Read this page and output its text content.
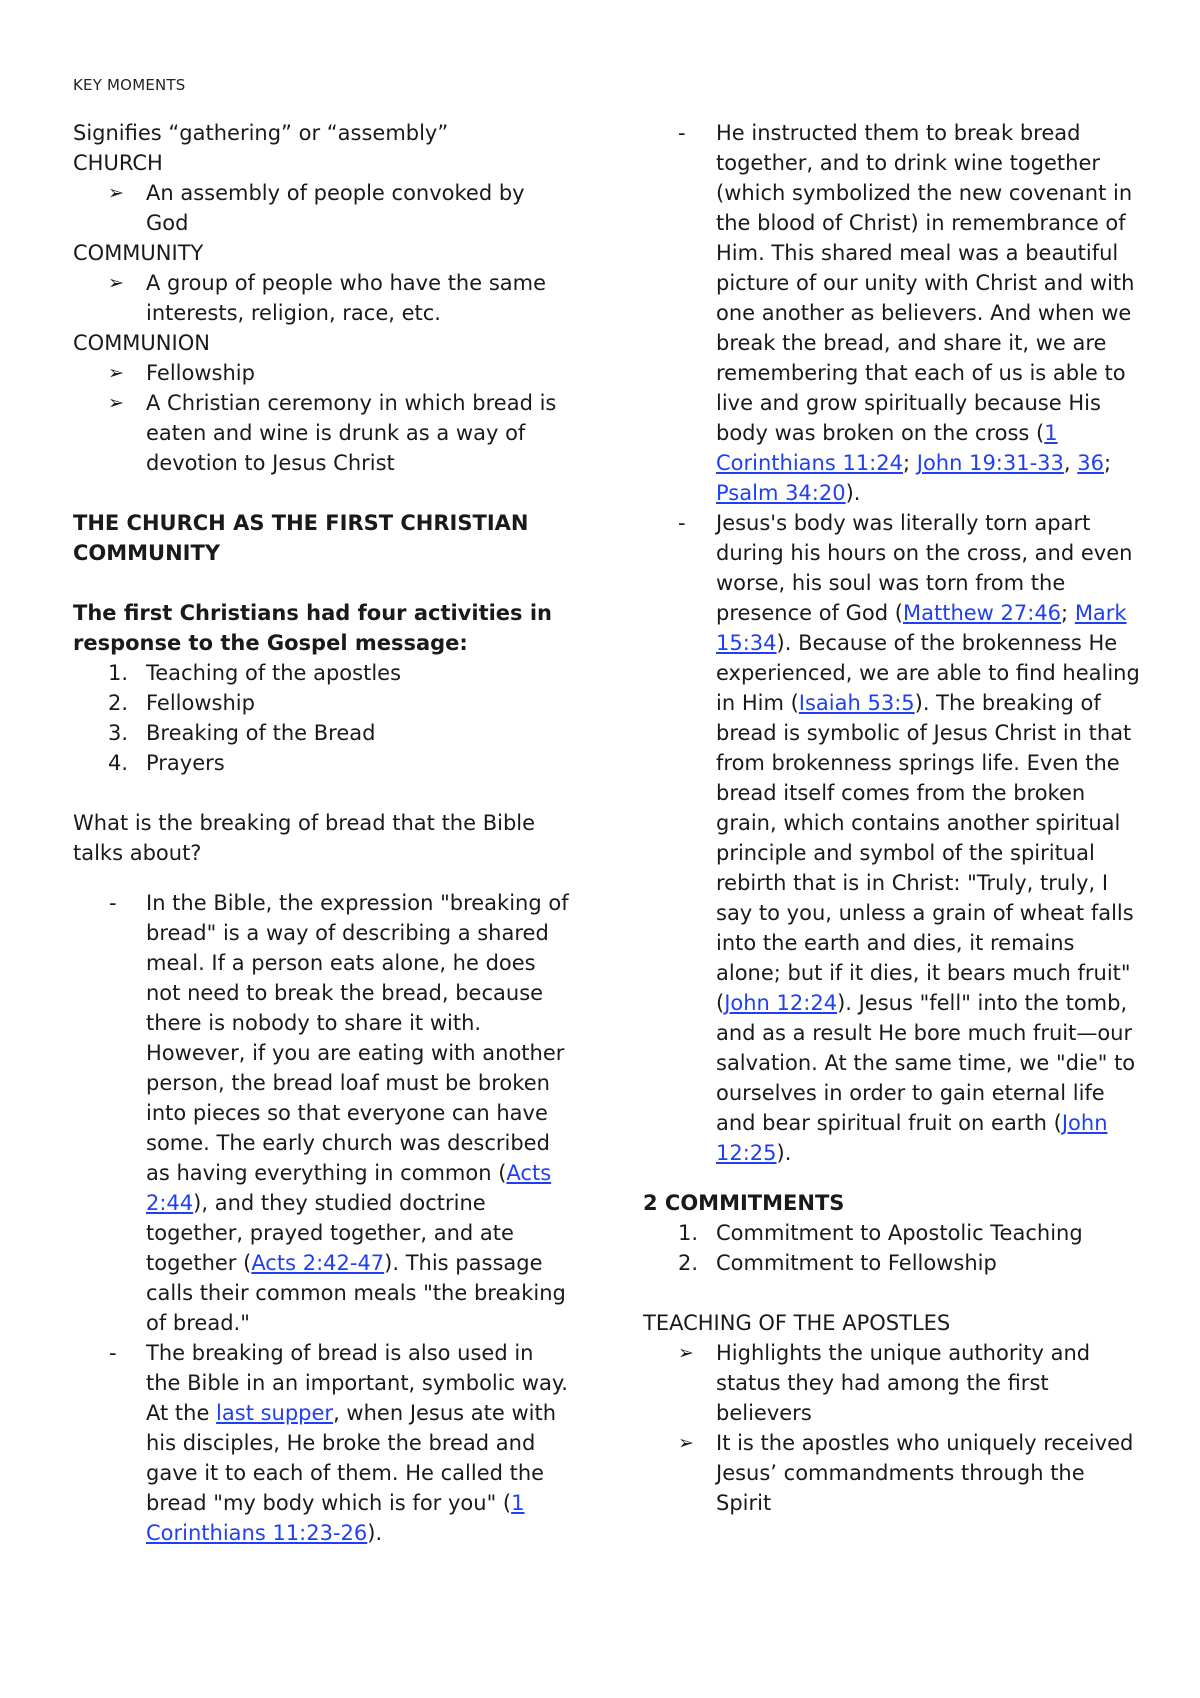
KEY MOMENTS

Signifies “gathering” or “assembly”

CHURCH

➢ An assembly of people convoked by God

COMMUNITY

➢ A group of people who have the same interests, religion, race, etc.

COMMUNION

➢ Fellowship
➢ A Christian ceremony in which bread is eaten and wine is drunk as a way of devotion to Jesus Christ

THE CHURCH AS THE FIRST CHRISTIAN COMMUNITY

The first Christians had four activities in response to the Gospel message:

1. Teaching of the apostles
2. Fellowship
3. Breaking of the Bread
4. Prayers

What is the breaking of bread that the Bible talks about?

- In the Bible, the expression "breaking of bread" is a way of describing a shared meal. If a person eats alone, he does not need to break the bread, because there is nobody to share it with. However, if you are eating with another person, the bread loaf must be broken into pieces so that everyone can have some. The early church was described as having everything in common (Acts 2:44), and they studied doctrine together, prayed together, and ate together (Acts 2:42-47). This passage calls their common meals "the breaking of bread."
- The breaking of bread is also used in the Bible in an important, symbolic way. At the last supper, when Jesus ate with his disciples, He broke the bread and gave it to each of them. He called the bread "my body which is for you" (1 Corinthians 11:23-26).
- He instructed them to break bread together, and to drink wine together (which symbolized the new covenant in the blood of Christ) in remembrance of Him. This shared meal was a beautiful picture of our unity with Christ and with one another as believers. And when we break the bread, and share it, we are remembering that each of us is able to live and grow spiritually because His body was broken on the cross (1 Corinthians 11:24; John 19:31-33, 36; Psalm 34:20).
- Jesus's body was literally torn apart during his hours on the cross, and even worse, his soul was torn from the presence of God (Matthew 27:46; Mark 15:34). Because of the brokenness He experienced, we are able to find healing in Him (Isaiah 53:5). The breaking of bread is symbolic of Jesus Christ in that from brokenness springs life. Even the bread itself comes from the broken grain, which contains another spiritual principle and symbol of the spiritual rebirth that is in Christ: "Truly, truly, I say to you, unless a grain of wheat falls into the earth and dies, it remains alone; but if it dies, it bears much fruit" (John 12:24). Jesus "fell" into the tomb, and as a result He bore much fruit—our salvation. At the same time, we "die" to ourselves in order to gain eternal life and bear spiritual fruit on earth (John 12:25).

2 COMMITMENTS

1. Commitment to Apostolic Teaching
2. Commitment to Fellowship

TEACHING OF THE APOSTLES

➢ Highlights the unique authority and status they had among the first believers
➢ It is the apostles who uniquely received Jesus’ commandments through the Spirit
